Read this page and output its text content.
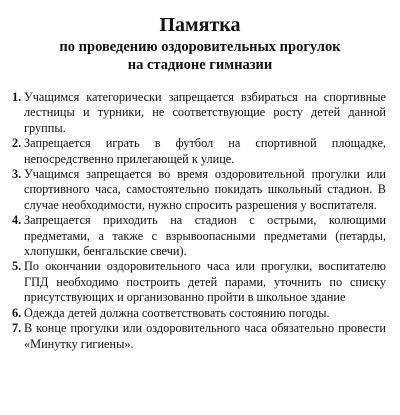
Памятка
по проведению оздоровительных прогулок
на стадионе гимназии
1. Учащимся категорически запрещается взбираться на спортивные лестницы и турники, не соответствующие росту детей данной группы.
2. Запрещается играть в футбол на спортивной площадке, непосредственно прилегающей к улице.
3. Учащимся запрещается во время оздоровительной прогулки или спортивного часа, самостоятельно покидать школьный стадион. В случае необходимости, нужно спросить разрешения у воспитателя.
4. Запрещается приходить на стадион с острыми, колющими предметами, а также с взрывоопасными предметами (петарды, хлопушки, бенгальские свечи).
5. По окончании оздоровительного часа или прогулки, воспитателю ГПД необходимо построить детей парами, уточнить по списку присутствующих и организованно пройти в школьное здание
6. Одежда детей должна соответствовать состоянию погоды.
7. В конце прогулки или оздоровительного часа обязательно провести «Минутку гигиены».
